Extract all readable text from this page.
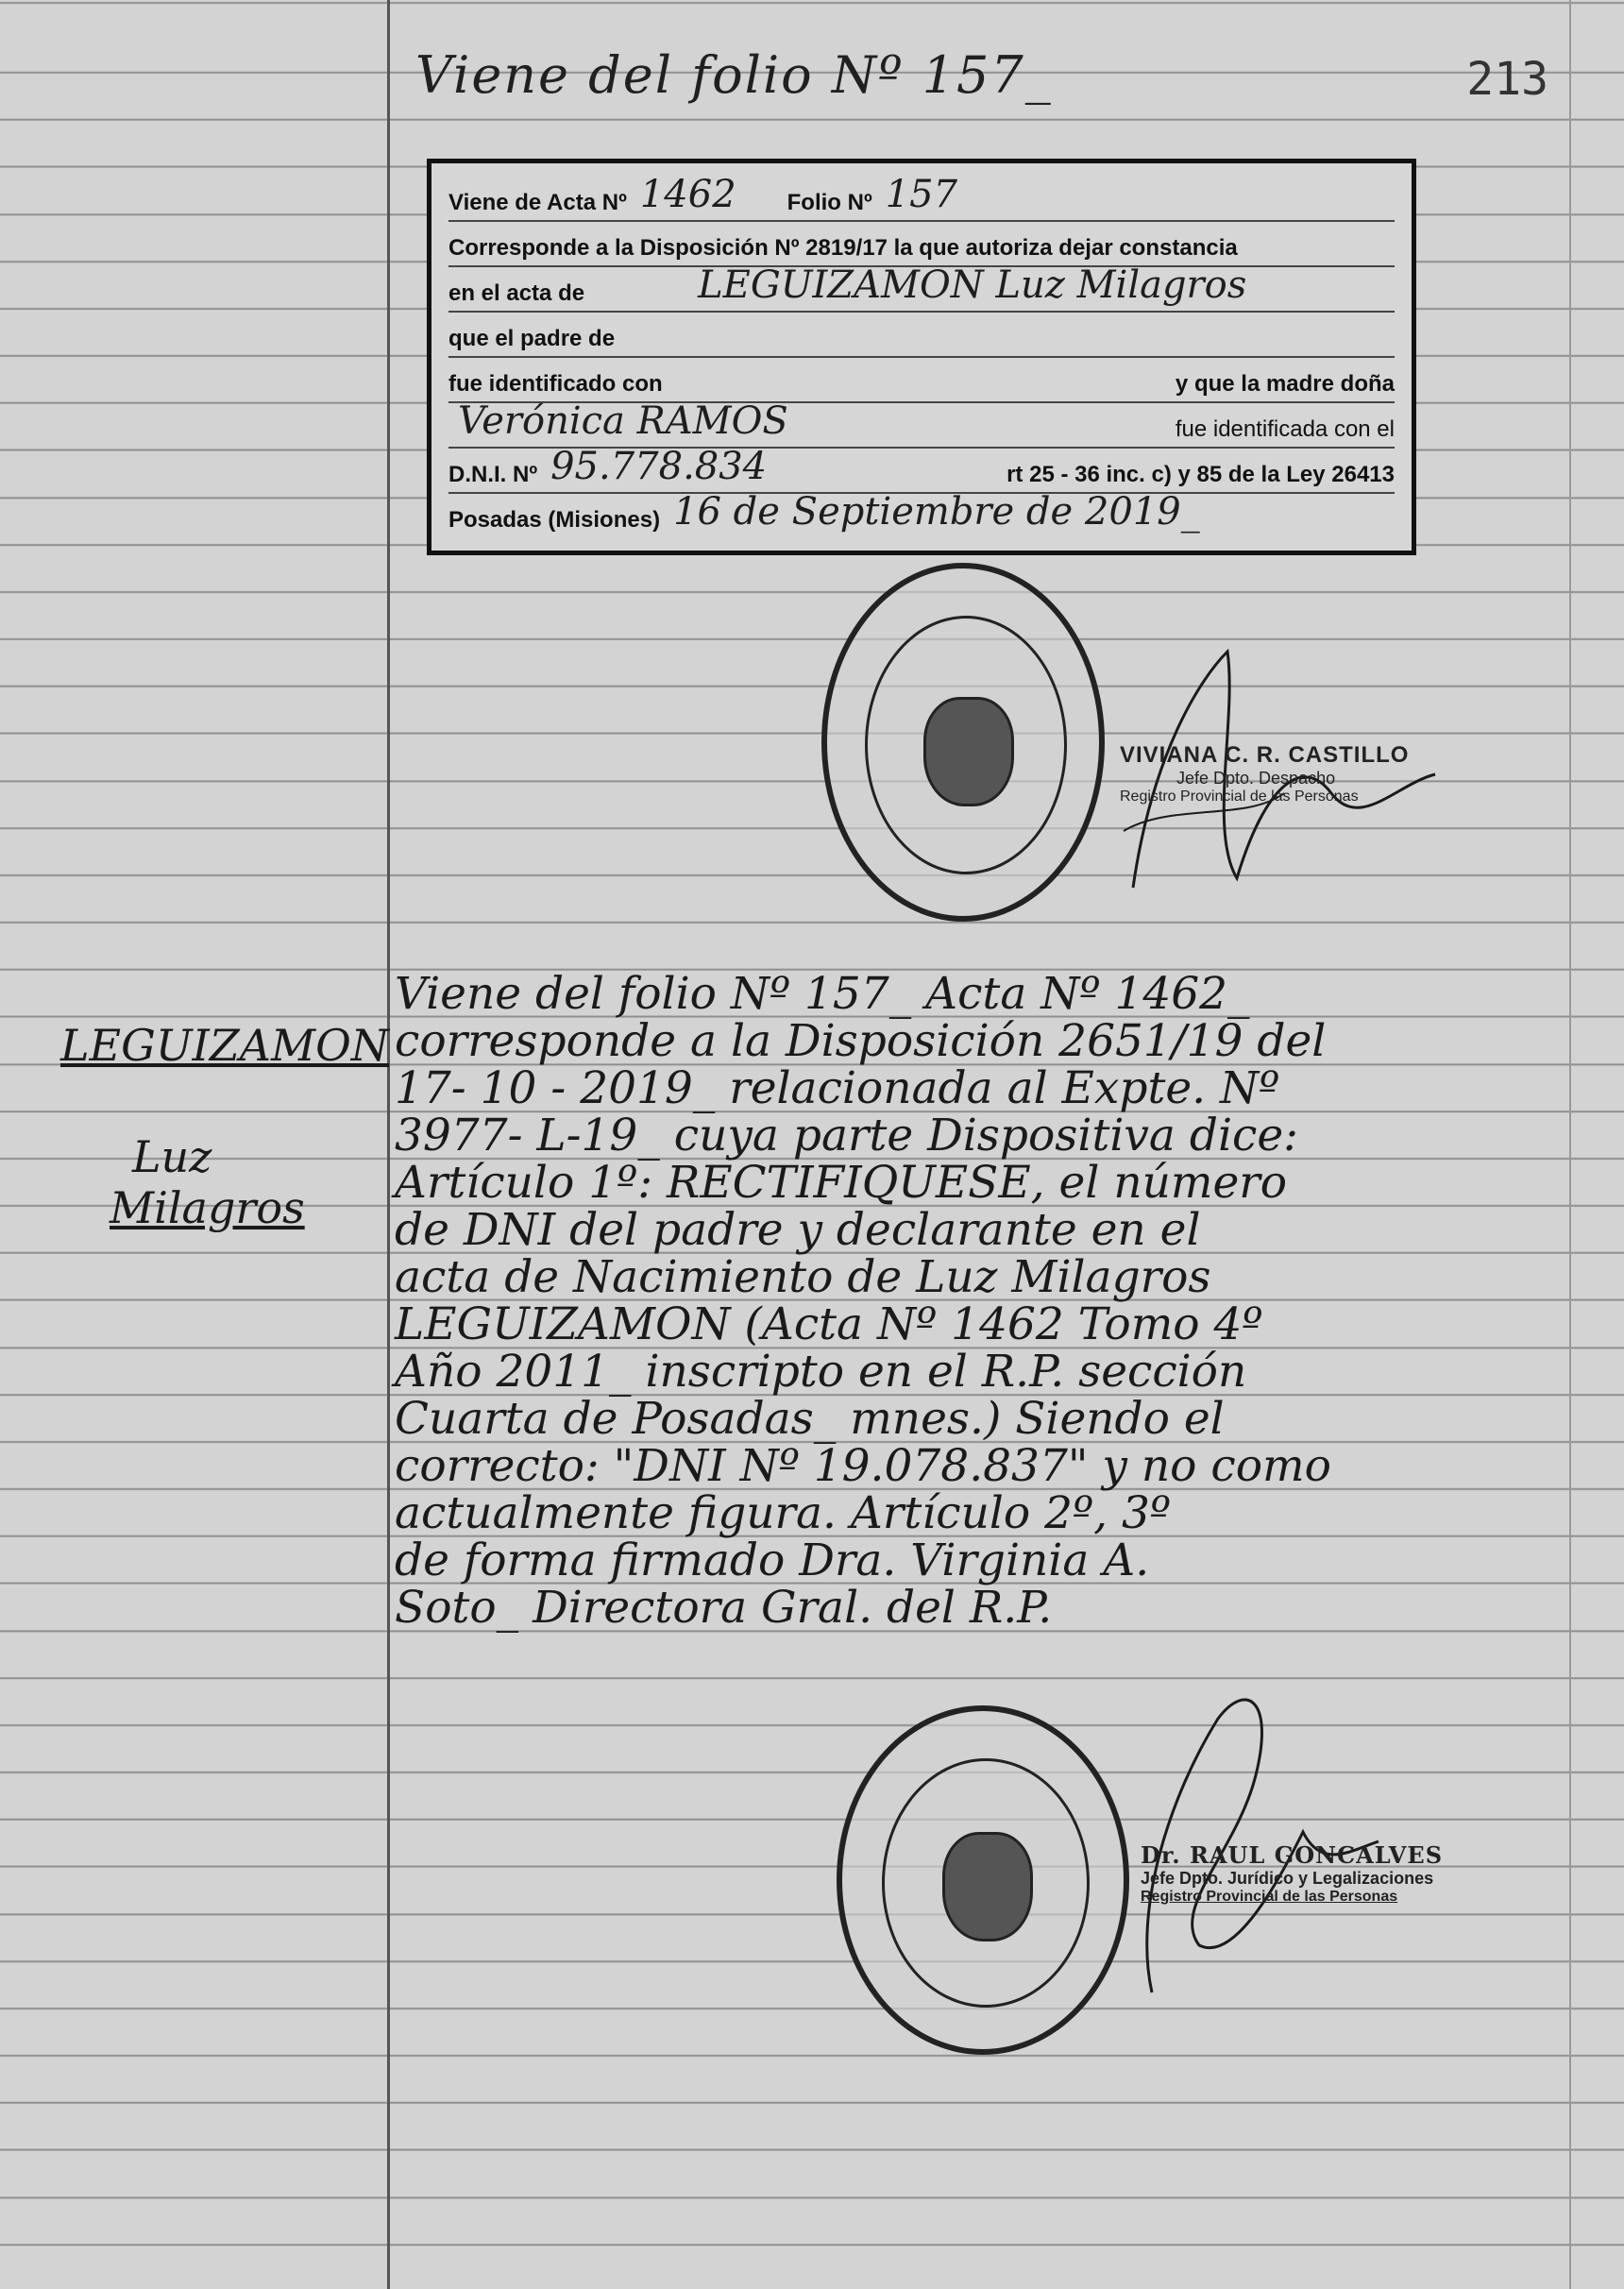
Viene del folio Nº 157_	213
Viene de Acta Nº 1462 Folio Nº 157
Corresponde a la Disposición Nº 2819/17 la que autoriza dejar constancia
en el acta de	LEGUIZAMON Luz Milagros
que el padre de
fue identificado con	y que la madre doña
Verónica RAMOS	fue identificada con el
D.N.I. Nº 95.778.834	rt 25 - 36 inc. c) y 85 de la Ley 26413
Posadas (Misiones) 16 de Septiembre de 2019_
VIVIANA C. R. CASTILLO
Jefe Dpto. Despacho
Registro Provincial de las Personas
LEGUIZAMON
Luz
Milagros
Viene del folio Nº 157_ Acta Nº 1462_
corresponde a la Disposición 2651/19 del
17- 10 - 2019_ relacionada al Expte. Nº
3977- L-19_ cuya parte Dispositiva dice:
Artículo 1º: RECTIFIQUESE, el número
de DNI del padre y declarante en el
acta de Nacimiento de Luz Milagros
LEGUIZAMON (Acta Nº 1462 Tomo 4º
Año 2011_ inscripto en el R.P. sección
Cuarta de Posadas_ mnes.) Siendo el
correcto: "DNI Nº 19.078.837" y no como
actualmente figura. Artículo 2º, 3º
de forma firmado Dra. Virginia A.
Soto_ Directora Gral. del R.P.
Dr. RAUL GONCALVES
Jefe Dpto. Jurídico y Legalizaciones
Registro Provincial de las Personas
